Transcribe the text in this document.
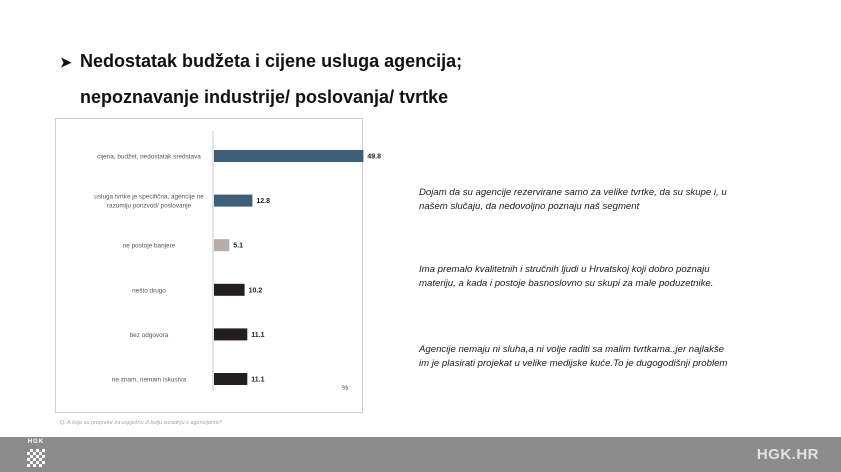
➤ Nedostatak budžeta i cijene usluga agencija;
nepoznavanje industrije/ poslovanja/ tvrtke
49.8
cijena, budžet, nedostatak sredstava
12.8
usluga tvrtke je specifična, agencije ne
razumiju porizvod/ poslovanje
5.1
ne postoje banjere
10.2
nešto drugo
11.1
bez odgovora
11.1
ne znam, nemam iskustva
%
Q: A koje su prepreke za uspješnu ili bolju suradnju s agencijama?
Dojam da su agencije rezervirane samo za velike tvrtke, da su skupe i, u
našem slučaju, da nedovoljno poznaju naš segment
Ima premalo kvalitetnih i stručnih ljudi u Hrvatskoj koji dobro poznaju
materiju, a kada i postoje basnoslovno su skupi za male poduzetnike.
Agencije nemaju ni sluha,a ni volje raditi sa malim tvrtkama..jer najlakše
im je plasirati projekat u velike medijske kuće.To je dugogodišnji problem
HGK
HGK.HR
